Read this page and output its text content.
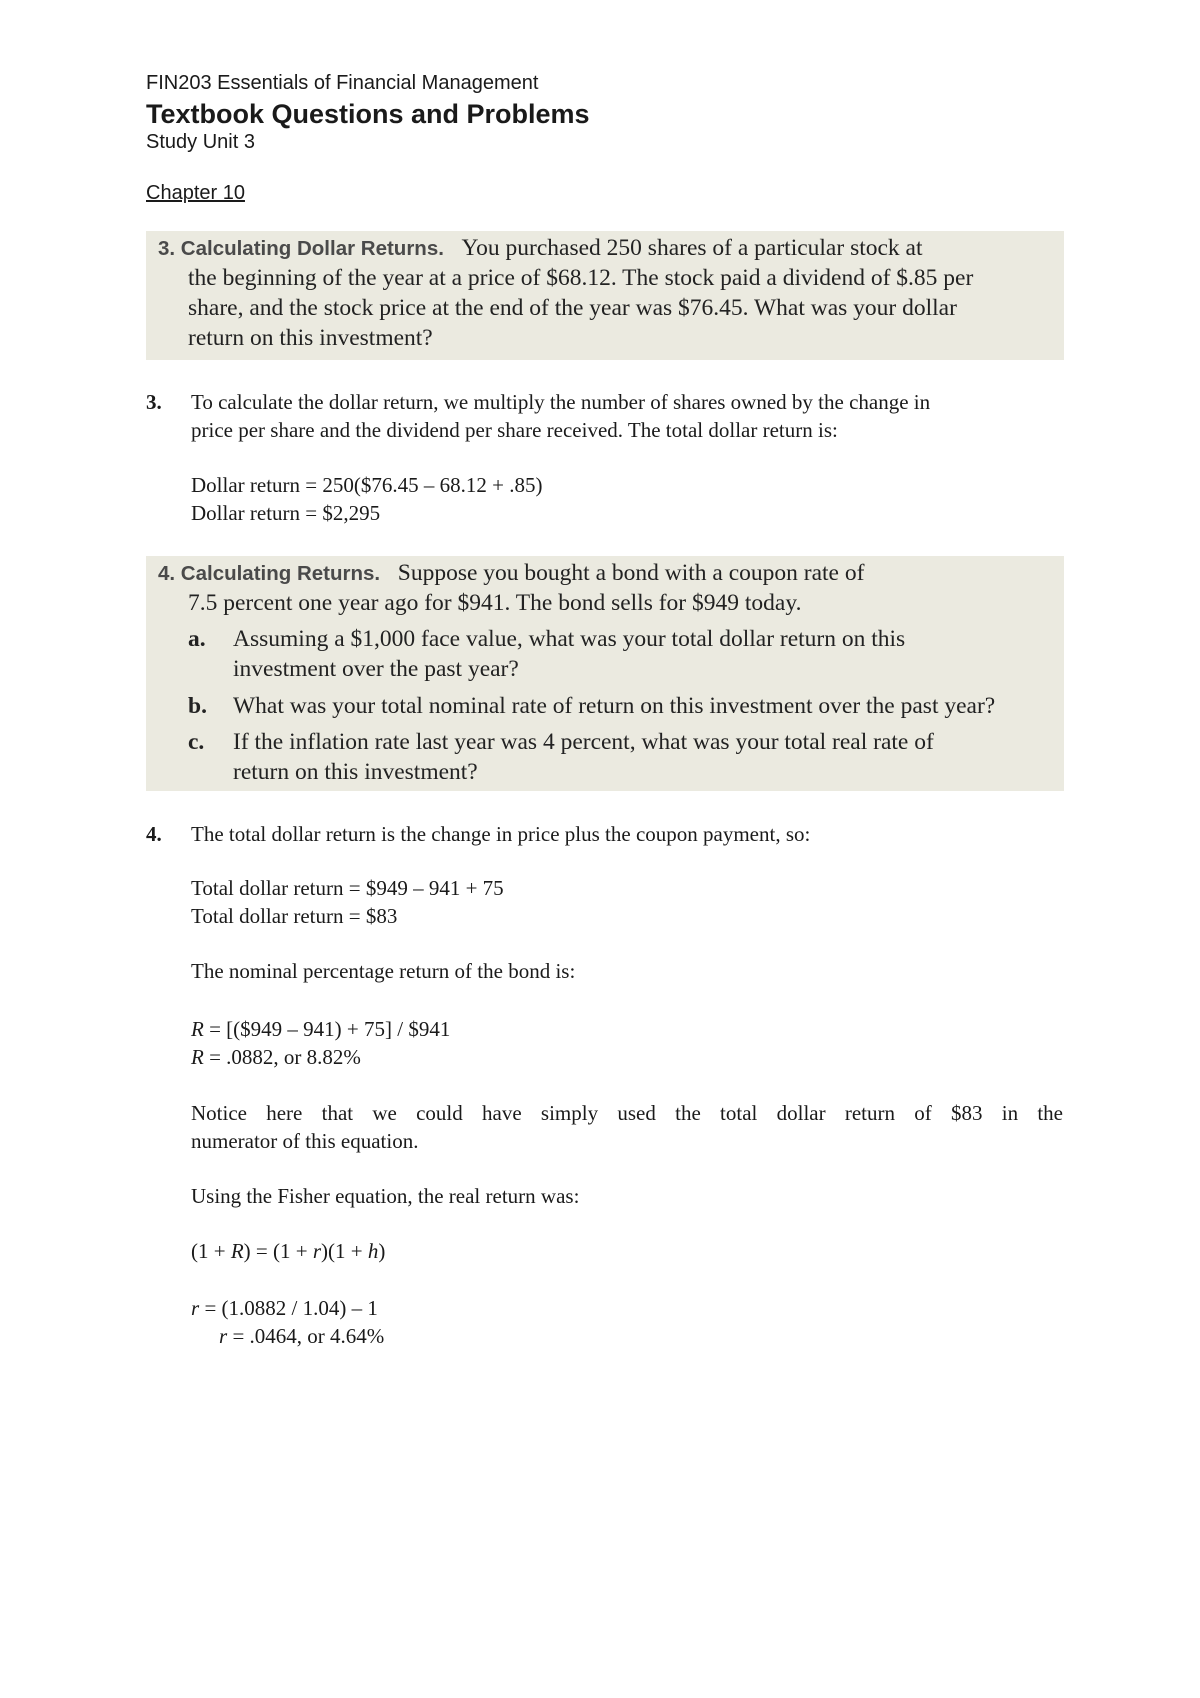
FIN203 Essentials of Financial Management
Textbook Questions and Problems
Study Unit 3
Chapter 10
3. Calculating Dollar Returns. You purchased 250 shares of a particular stock at
the beginning of the year at a price of $68.12. The stock paid a dividend of $.85 per
share, and the stock price at the end of the year was $76.45. What was your dollar
return on this investment?
3. To calculate the dollar return, we multiply the number of shares owned by the change in
price per share and the dividend per share received. The total dollar return is:
Dollar return = 250($76.45 – 68.12 + .85)
Dollar return = $2,295
4. Calculating Returns. Suppose you bought a bond with a coupon rate of
7.5 percent one year ago for $941. The bond sells for $949 today.
a. Assuming a $1,000 face value, what was your total dollar return on this
investment over the past year?
b. What was your total nominal rate of return on this investment over the past year?
c. If the inflation rate last year was 4 percent, what was your total real rate of
return on this investment?
4. The total dollar return is the change in price plus the coupon payment, so:
Total dollar return = $949 – 941 + 75
Total dollar return = $83
The nominal percentage return of the bond is:
R = [($949 – 941) + 75] / $941
R = .0882, or 8.82%
Notice here that we could have simply used the total dollar return of $83 in the
numerator of this equation.
Using the Fisher equation, the real return was:
(1 + R) = (1 + r)(1 + h)
r = (1.0882 / 1.04) – 1
r = .0464, or 4.64%
